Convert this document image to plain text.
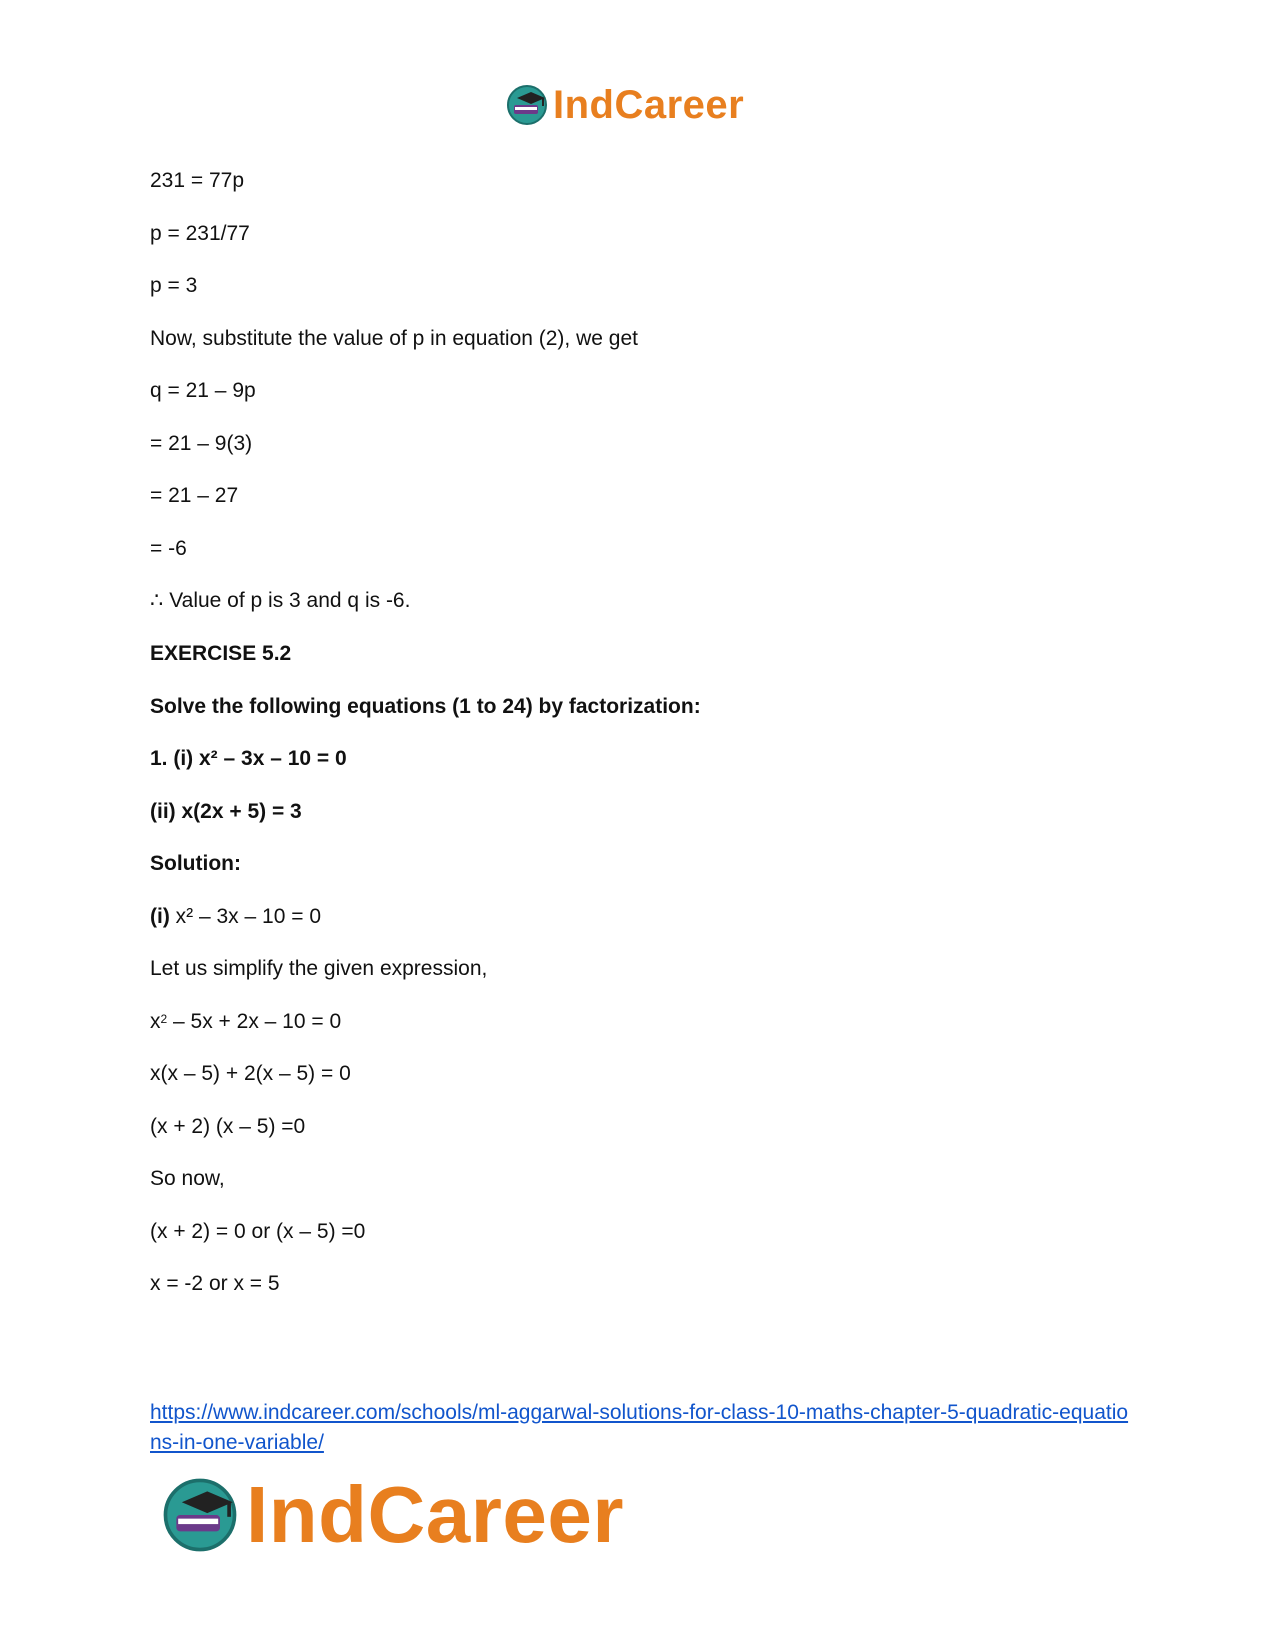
IndCareer
231 = 77p
p = 231/77
p = 3
Now, substitute the value of p in equation (2), we get
q = 21 – 9p
= 21 – 9(3)
= 21 – 27
= -6
∴ Value of p is 3 and q is -6.
EXERCISE 5.2
Solve the following equations (1 to 24) by factorization:
1. (i) x² – 3x – 10 = 0
(ii) x(2x + 5) = 3
Solution:
(i) x² – 3x – 10 = 0
Let us simplify the given expression,
$x^2 - 5x + 2x - 10 = 0$
x(x – 5) + 2(x – 5) = 0
(x + 2) (x – 5) =0
So now,
(x + 2) = 0 or (x – 5) =0
x = -2 or x = 5
https://www.indcareer.com/schools/ml-aggarwal-solutions-for-class-10-maths-chapter-5-quadratic-equations-in-one-variable/
IndCareer
